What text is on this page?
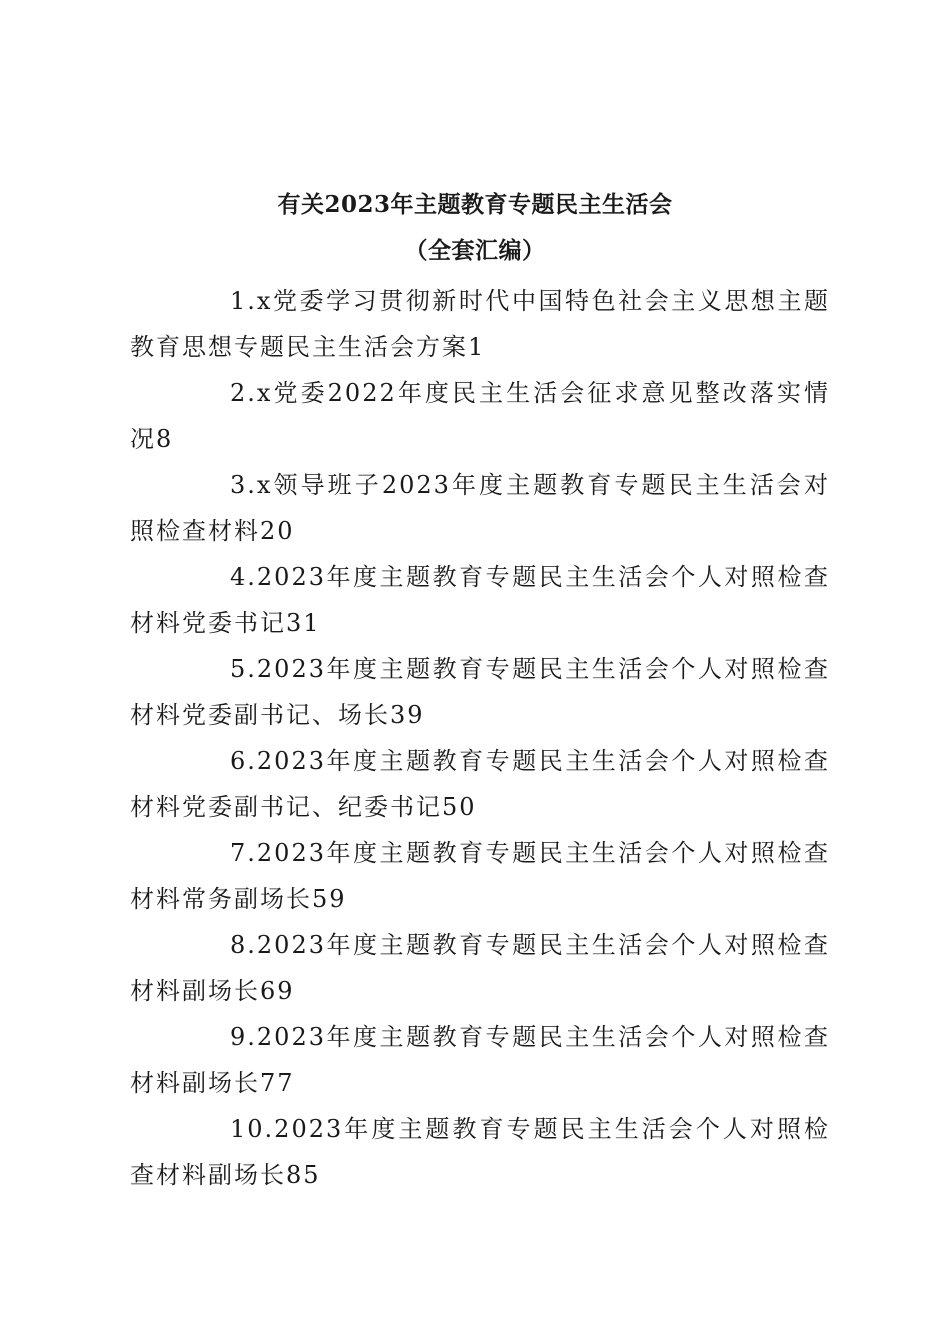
有关2023年主题教育专题民主生活会
（全套汇编）

1.x党委学习贯彻新时代中国特色社会主义思想主题教育思想专题民主生活会方案1

2.x党委2022年度民主生活会征求意见整改落实情况8

3.x领导班子2023年度主题教育专题民主生活会对照检查材料20

4.2023年度主题教育专题民主生活会个人对照检查材料党委书记31

5.2023年度主题教育专题民主生活会个人对照检查材料党委副书记、场长39

6.2023年度主题教育专题民主生活会个人对照检查材料党委副书记、纪委书记50

7.2023年度主题教育专题民主生活会个人对照检查材料常务副场长59

8.2023年度主题教育专题民主生活会个人对照检查材料副场长69

9.2023年度主题教育专题民主生活会个人对照检查材料副场长77

10.2023年度主题教育专题民主生活会个人对照检查材料副场长85
